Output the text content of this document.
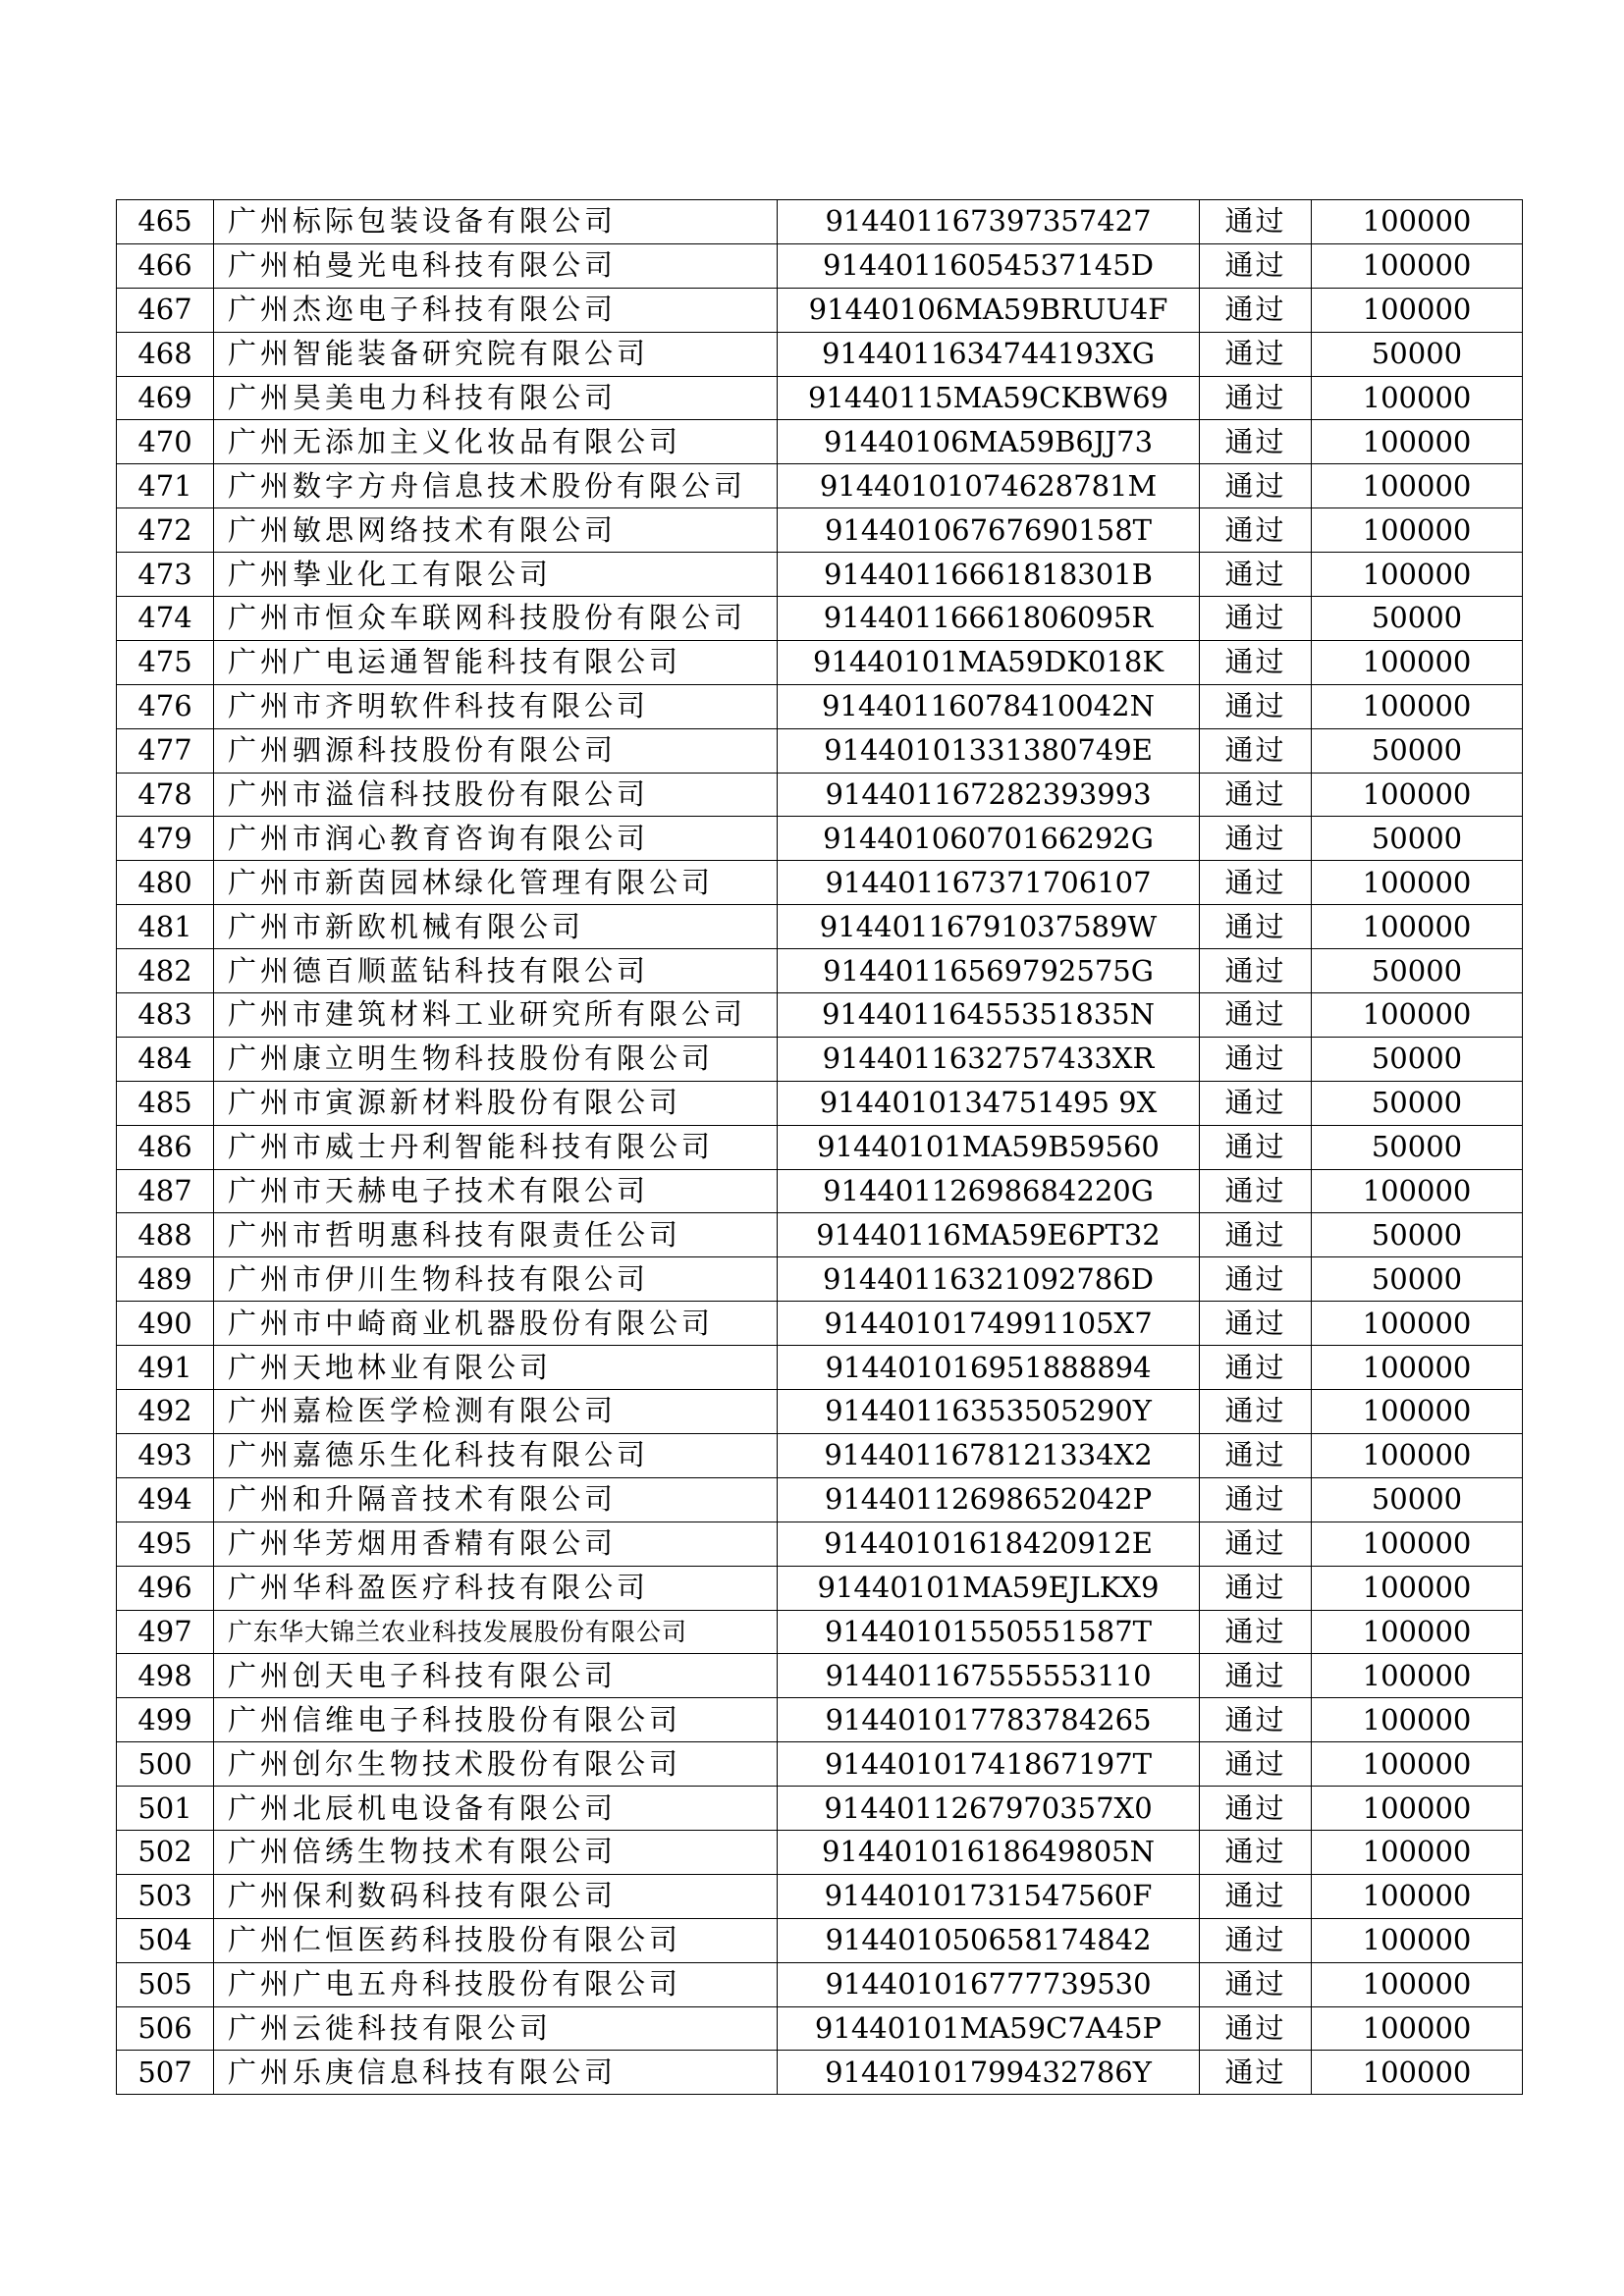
465	广州标际包装设备有限公司	914401167397357427	通过	100000
466	广州柏曼光电科技有限公司	91440116054537145D	通过	100000
467	广州杰迩电子科技有限公司	91440106MA59BRUU4F	通过	100000
468	广州智能装备研究院有限公司	9144011634744193XG	通过	50000
469	广州昊美电力科技有限公司	91440115MA59CKBW69	通过	100000
470	广州无添加主义化妆品有限公司	91440106MA59B6JJ73	通过	100000
471	广州数字方舟信息技术股份有限公司	91440101074628781M	通过	100000
472	广州敏思网络技术有限公司	91440106767690158T	通过	100000
473	广州挚业化工有限公司	91440116661818301B	通过	100000
474	广州市恒众车联网科技股份有限公司	91440116661806095R	通过	50000
475	广州广电运通智能科技有限公司	91440101MA59DK018K	通过	100000
476	广州市齐明软件科技有限公司	91440116078410042N	通过	100000
477	广州驷源科技股份有限公司	91440101331380749E	通过	50000
478	广州市溢信科技股份有限公司	914401167282393993	通过	100000
479	广州市润心教育咨询有限公司	91440106070166292G	通过	50000
480	广州市新茵园林绿化管理有限公司	914401167371706107	通过	100000
481	广州市新欧机械有限公司	91440116791037589W	通过	100000
482	广州德百顺蓝钻科技有限公司	91440116569792575G	通过	50000
483	广州市建筑材料工业研究所有限公司	91440116455351835N	通过	100000
484	广州康立明生物科技股份有限公司	9144011632757433XR	通过	50000
485	广州市寅源新材料股份有限公司	9144010134751495 9X	通过	50000
486	广州市威士丹利智能科技有限公司	91440101MA59B59560	通过	50000
487	广州市天赫电子技术有限公司	91440112698684220G	通过	100000
488	广州市哲明惠科技有限责任公司	91440116MA59E6PT32	通过	50000
489	广州市伊川生物科技有限公司	91440116321092786D	通过	50000
490	广州市中崎商业机器股份有限公司	9144010174991105X7	通过	100000
491	广州天地林业有限公司	914401016951888894	通过	100000
492	广州嘉检医学检测有限公司	91440116353505290Y	通过	100000
493	广州嘉德乐生化科技有限公司	9144011678121334X2	通过	100000
494	广州和升隔音技术有限公司	91440112698652042P	通过	50000
495	广州华芳烟用香精有限公司	91440101618420912E	通过	100000
496	广州华科盈医疗科技有限公司	91440101MA59EJLKX9	通过	100000
497	广东华大锦兰农业科技发展股份有限公司	91440101550551587T	通过	100000
498	广州创天电子科技有限公司	914401167555553110	通过	100000
499	广州信维电子科技股份有限公司	914401017783784265	通过	100000
500	广州创尔生物技术股份有限公司	91440101741867197T	通过	100000
501	广州北辰机电设备有限公司	9144011267970357X0	通过	100000
502	广州倍绣生物技术有限公司	91440101618649805N	通过	100000
503	广州保利数码科技有限公司	91440101731547560F	通过	100000
504	广州仁恒医药科技股份有限公司	914401050658174842	通过	100000
505	广州广电五舟科技股份有限公司	914401016777739530	通过	100000
506	广州云徙科技有限公司	91440101MA59C7A45P	通过	100000
507	广州乐庚信息科技有限公司	91440101799432786Y	通过	100000
